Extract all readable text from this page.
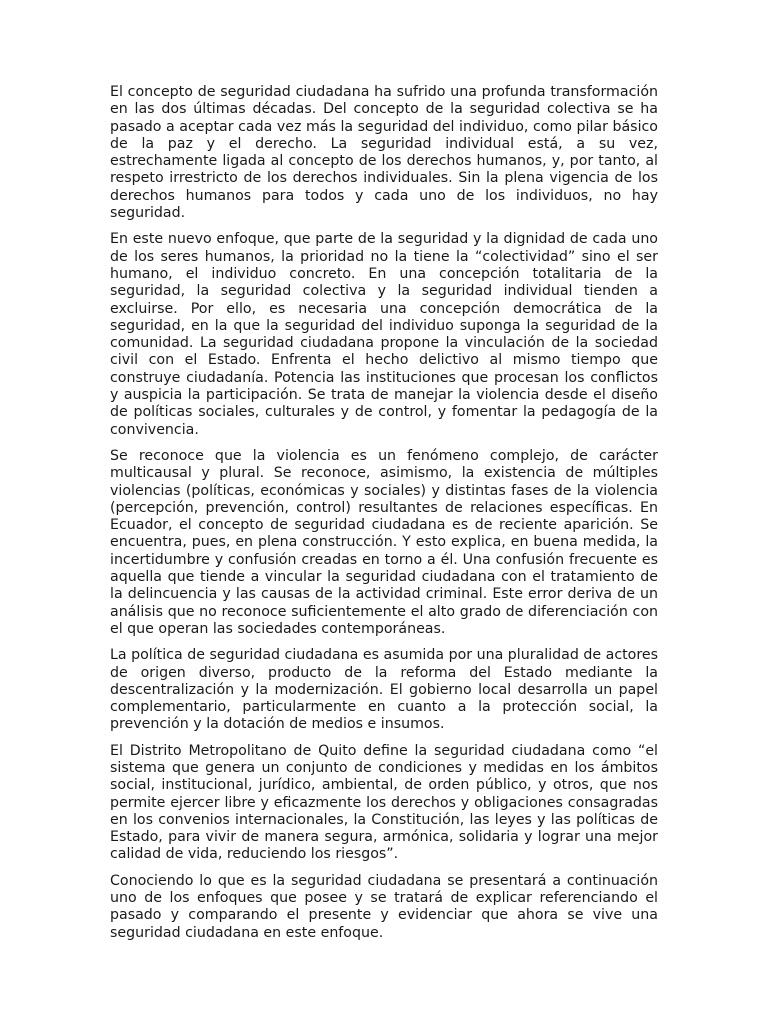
El concepto de seguridad ciudadana ha sufrido una profunda transformación en las dos últimas décadas. Del concepto de la seguridad colectiva se ha pasado a aceptar cada vez más la seguridad del individuo, como pilar básico de la paz y el derecho. La seguridad individual está, a su vez, estrechamente ligada al concepto de los derechos humanos, y, por tanto, al respeto irrestricto de los derechos individuales. Sin la plena vigencia de los derechos humanos para todos y cada uno de los individuos, no hay seguridad.

En este nuevo enfoque, que parte de la seguridad y la dignidad de cada uno de los seres humanos, la prioridad no la tiene la “colectividad” sino el ser humano, el individuo concreto. En una concepción totalitaria de la seguridad, la seguridad colectiva y la seguridad individual tienden a excluirse. Por ello, es necesaria una concepción democrática de la seguridad, en la que la seguridad del individuo suponga la seguridad de la comunidad. La seguridad ciudadana propone la vinculación de la sociedad civil con el Estado. Enfrenta el hecho delictivo al mismo tiempo que construye ciudadanía. Potencia las instituciones que procesan los conflictos y auspicia la participación. Se trata de manejar la violencia desde el diseño de políticas sociales, culturales y de control, y fomentar la pedagogía de la convivencia.

Se reconoce que la violencia es un fenómeno complejo, de carácter multicausal y plural. Se reconoce, asimismo, la existencia de múltiples violencias (políticas, económicas y sociales) y distintas fases de la violencia (percepción, prevención, control) resultantes de relaciones específicas. En Ecuador, el concepto de seguridad ciudadana es de reciente aparición. Se encuentra, pues, en plena construcción. Y esto explica, en buena medida, la incertidumbre y confusión creadas en torno a él. Una confusión frecuente es aquella que tiende a vincular la seguridad ciudadana con el tratamiento de la delincuencia y las causas de la actividad criminal. Este error deriva de un análisis que no reconoce suficientemente el alto grado de diferenciación con el que operan las sociedades contemporáneas.

La política de seguridad ciudadana es asumida por una pluralidad de actores de origen diverso, producto de la reforma del Estado mediante la descentralización y la modernización. El gobierno local desarrolla un papel complementario, particularmente en cuanto a la protección social, la prevención y la dotación de medios e insumos.

El Distrito Metropolitano de Quito define la seguridad ciudadana como “el sistema que genera un conjunto de condiciones y medidas en los ámbitos social, institucional, jurídico, ambiental, de orden público, y otros, que nos permite ejercer libre y eficazmente los derechos y obligaciones consagradas en los convenios internacionales, la Constitución, las leyes y las políticas de Estado, para vivir de manera segura, armónica, solidaria y lograr una mejor calidad de vida, reduciendo los riesgos”.

Conociendo lo que es la seguridad ciudadana se presentará a continuación uno de los enfoques que posee y se tratará de explicar referenciando el pasado y comparando el presente y evidenciar que ahora se vive una seguridad ciudadana en este enfoque.
